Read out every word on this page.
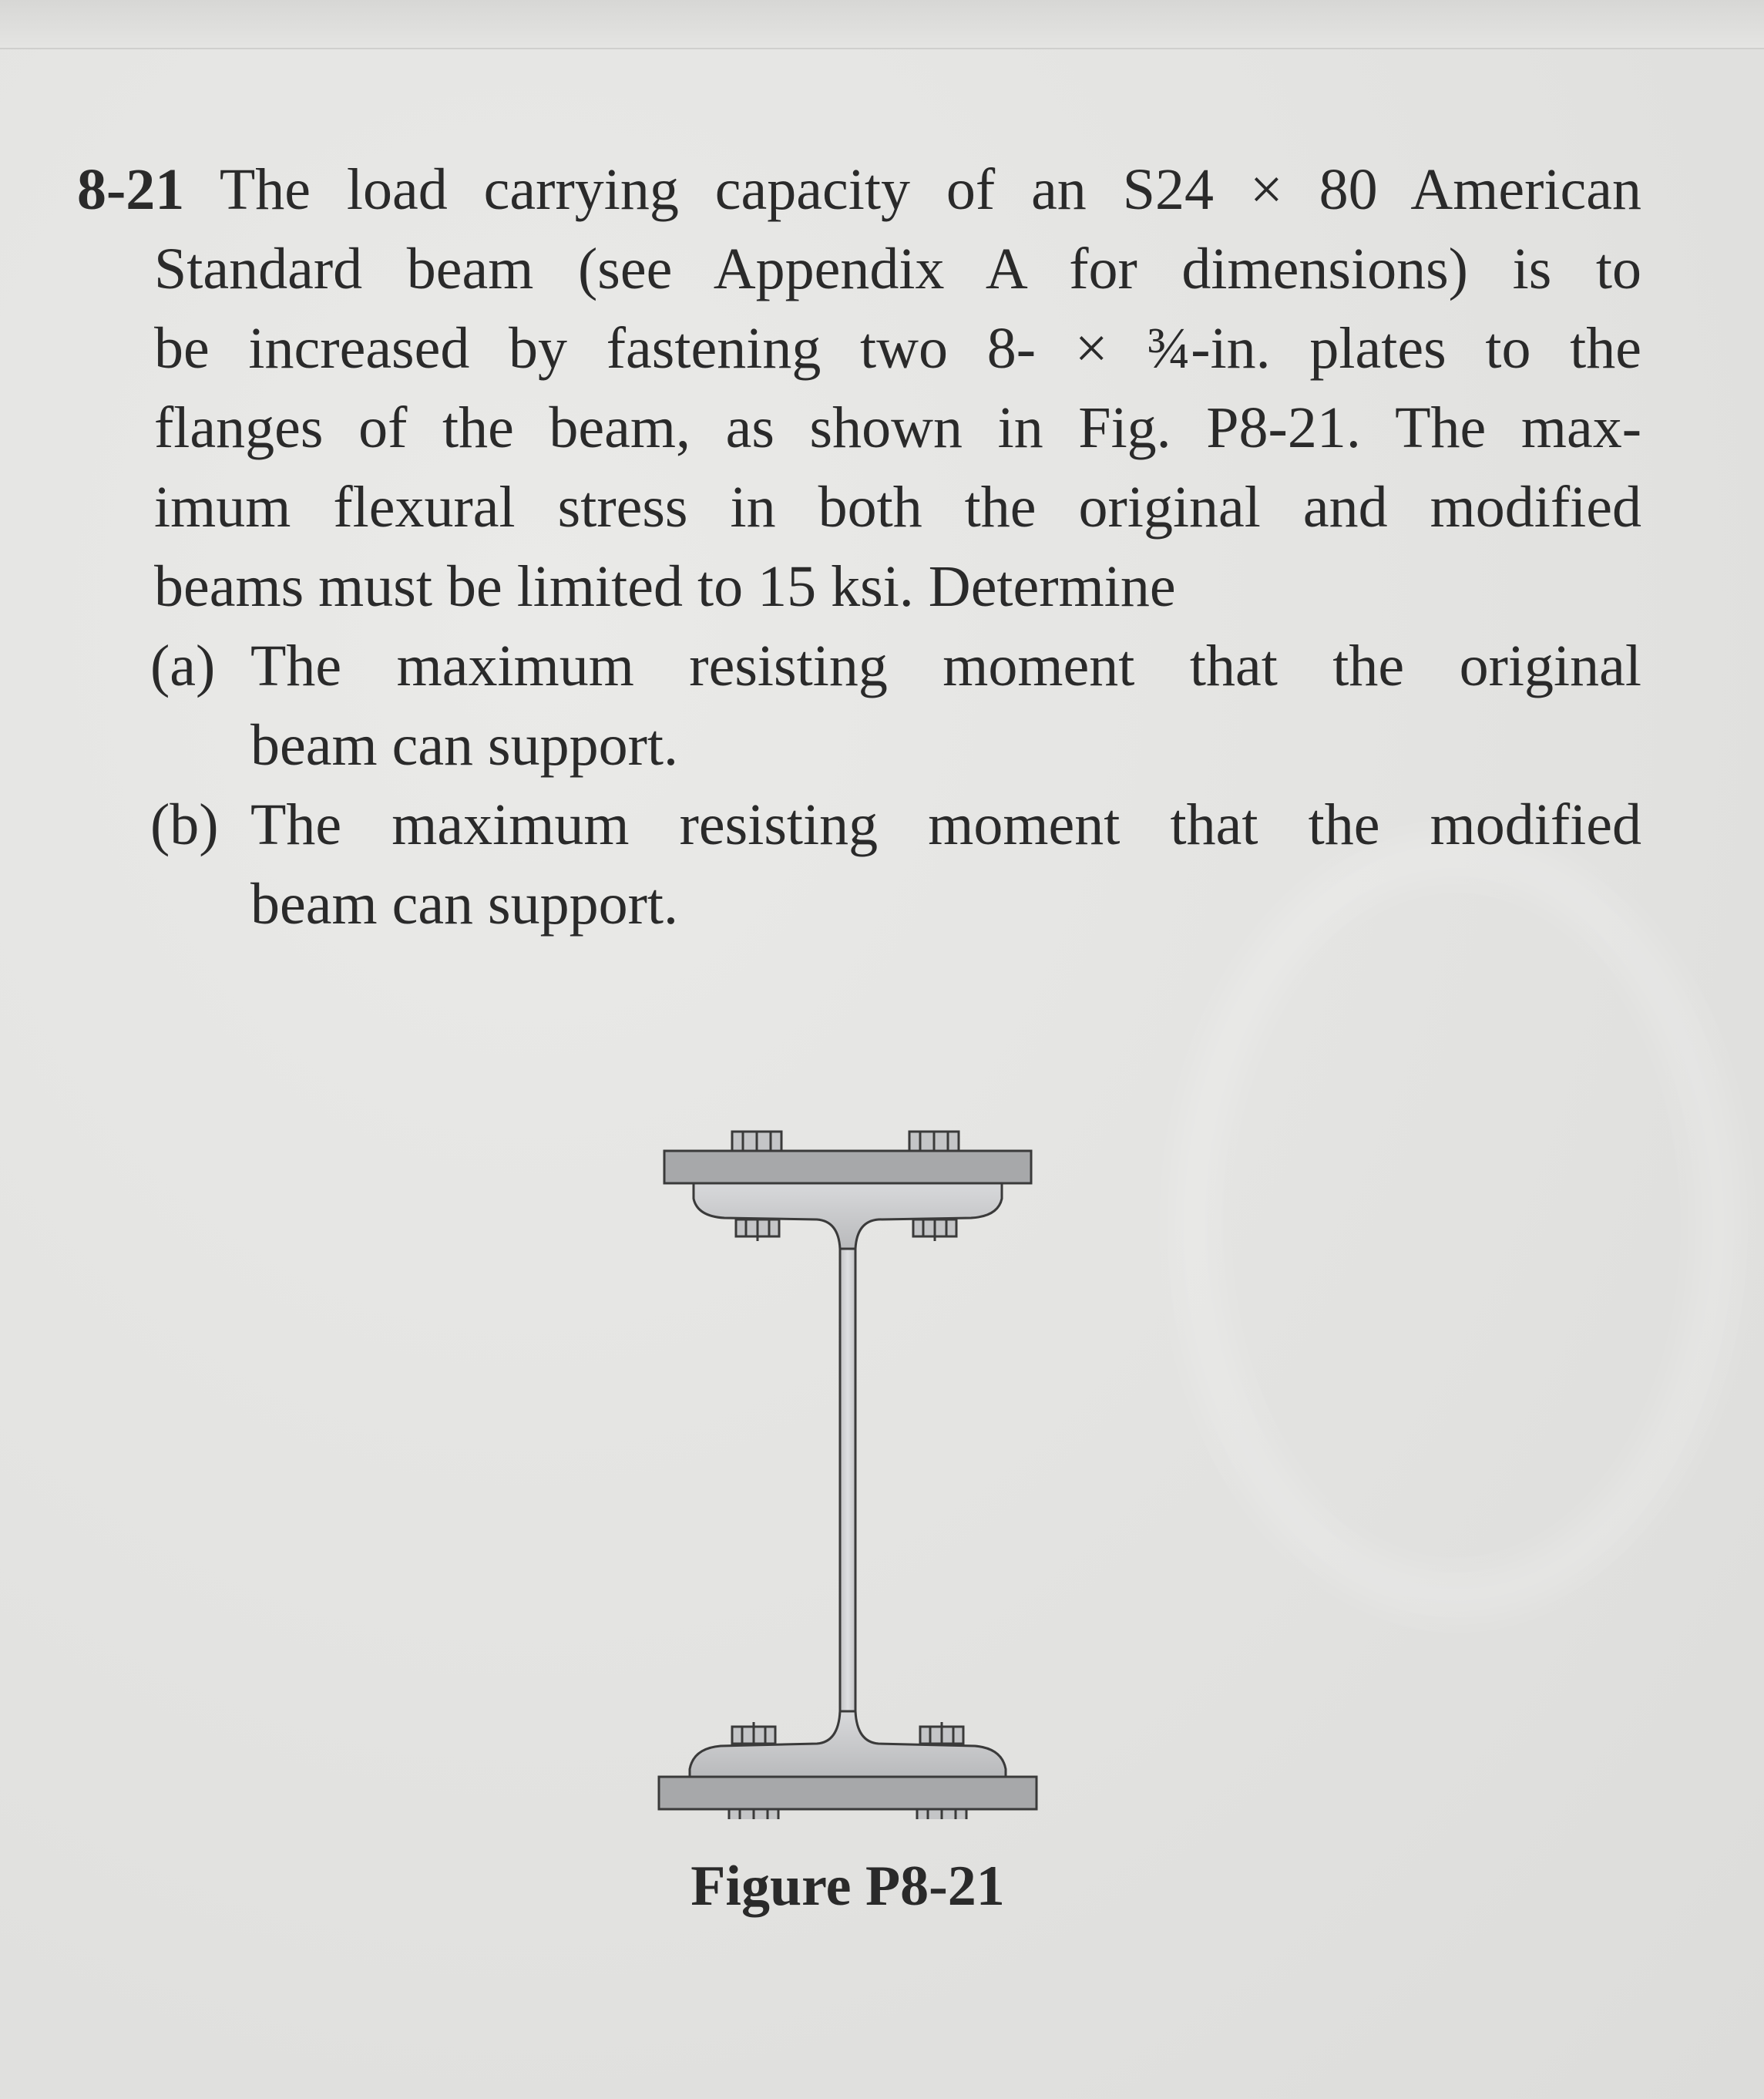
8-21 The load carrying capacity of an S24 × 80 American
Standard beam (see Appendix A for dimensions) is to
be increased by fastening two 8- × ¾-in. plates to the
flanges of the beam, as shown in Fig. P8-21. The max-
imum flexural stress in both the original and modified
beams must be limited to 15 ksi. Determine
(a) The maximum resisting moment that the original
beam can support.
(b) The maximum resisting moment that the modified
beam can support.
Figure P8-21
